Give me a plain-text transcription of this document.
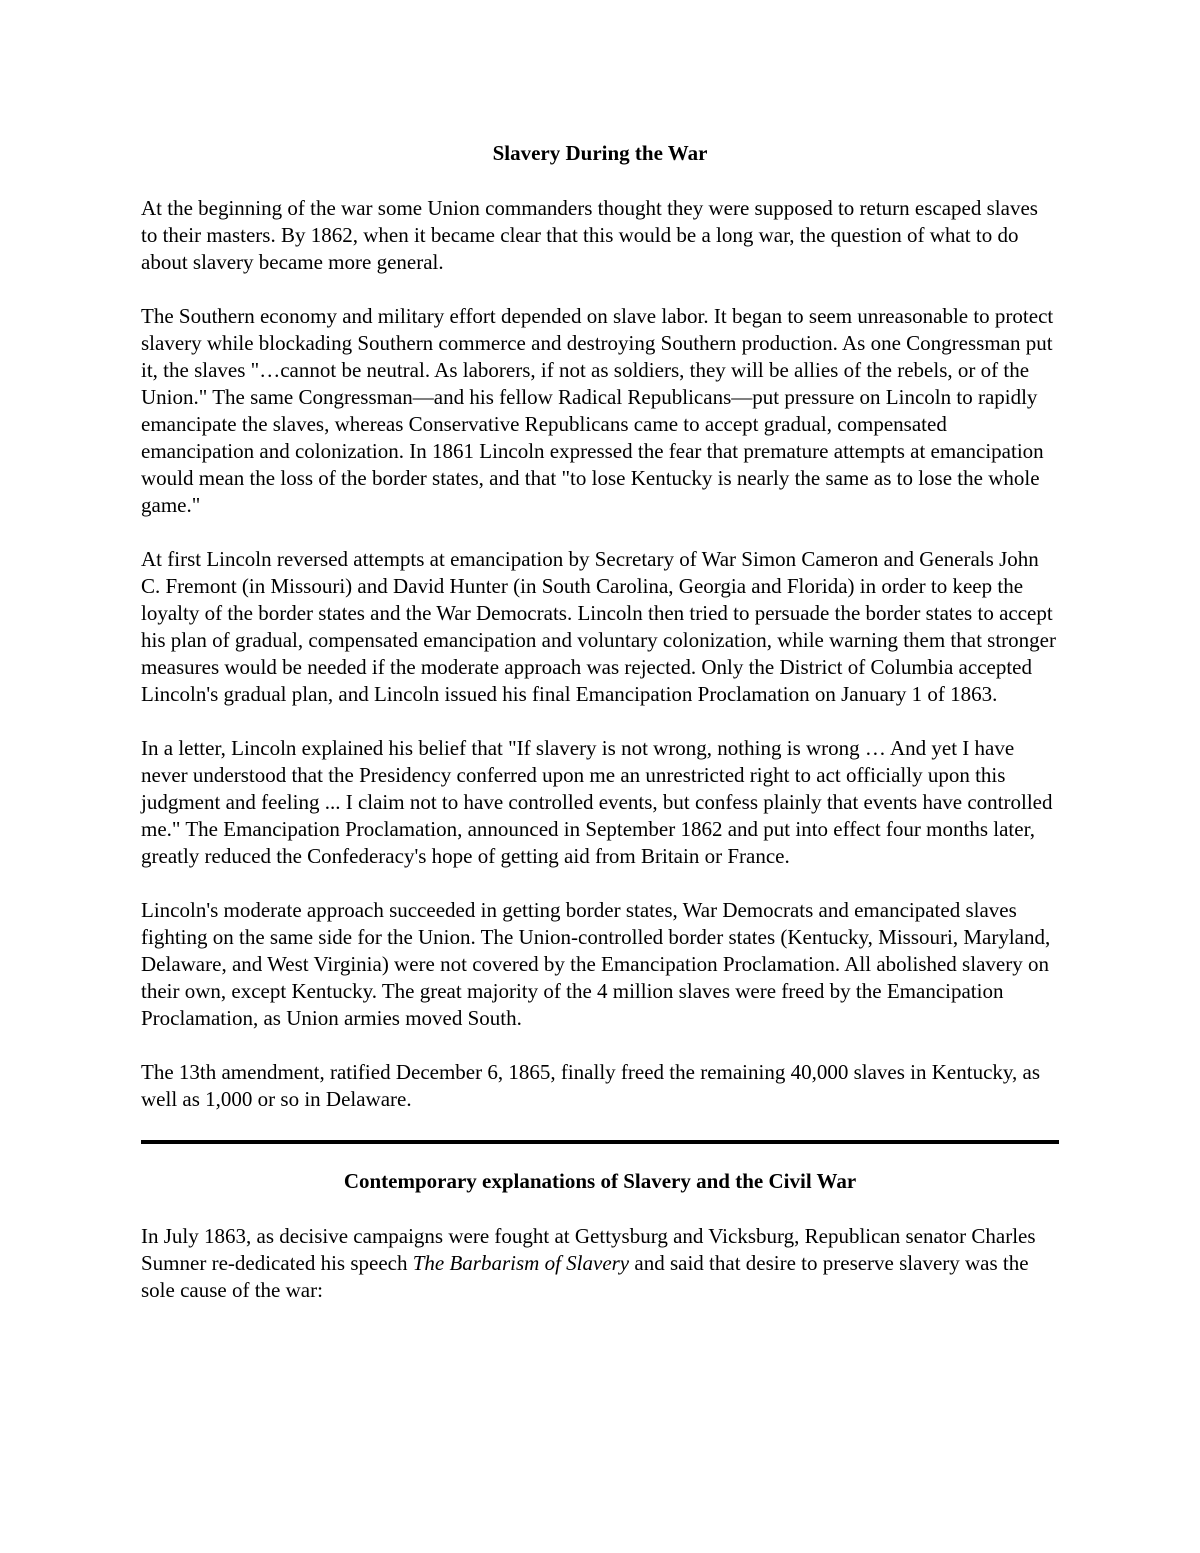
Slavery During the War

At the beginning of the war some Union commanders thought they were supposed to return escaped slaves to their masters. By 1862, when it became clear that this would be a long war, the question of what to do about slavery became more general.

The Southern economy and military effort depended on slave labor. It began to seem unreasonable to protect slavery while blockading Southern commerce and destroying Southern production. As one Congressman put it, the slaves "…cannot be neutral. As laborers, if not as soldiers, they will be allies of the rebels, or of the Union." The same Congressman—and his fellow Radical Republicans—put pressure on Lincoln to rapidly emancipate the slaves, whereas Conservative Republicans came to accept gradual, compensated emancipation and colonization. In 1861 Lincoln expressed the fear that premature attempts at emancipation would mean the loss of the border states, and that "to lose Kentucky is nearly the same as to lose the whole game."

At first Lincoln reversed attempts at emancipation by Secretary of War Simon Cameron and Generals John C. Fremont (in Missouri) and David Hunter (in South Carolina, Georgia and Florida) in order to keep the loyalty of the border states and the War Democrats. Lincoln then tried to persuade the border states to accept his plan of gradual, compensated emancipation and voluntary colonization, while warning them that stronger measures would be needed if the moderate approach was rejected. Only the District of Columbia accepted Lincoln's gradual plan, and Lincoln issued his final Emancipation Proclamation on January 1 of 1863.

In a letter, Lincoln explained his belief that "If slavery is not wrong, nothing is wrong … And yet I have never understood that the Presidency conferred upon me an unrestricted right to act officially upon this judgment and feeling ... I claim not to have controlled events, but confess plainly that events have controlled me." The Emancipation Proclamation, announced in September 1862 and put into effect four months later, greatly reduced the Confederacy's hope of getting aid from Britain or France.

Lincoln's moderate approach succeeded in getting border states, War Democrats and emancipated slaves fighting on the same side for the Union. The Union-controlled border states (Kentucky, Missouri, Maryland, Delaware, and West Virginia) were not covered by the Emancipation Proclamation. All abolished slavery on their own, except Kentucky. The great majority of the 4 million slaves were freed by the Emancipation Proclamation, as Union armies moved South.

The 13th amendment, ratified December 6, 1865, finally freed the remaining 40,000 slaves in Kentucky, as well as 1,000 or so in Delaware.

Contemporary explanations of Slavery and the Civil War

In July 1863, as decisive campaigns were fought at Gettysburg and Vicksburg, Republican senator Charles Sumner re-dedicated his speech The Barbarism of Slavery and said that desire to preserve slavery was the sole cause of the war:
